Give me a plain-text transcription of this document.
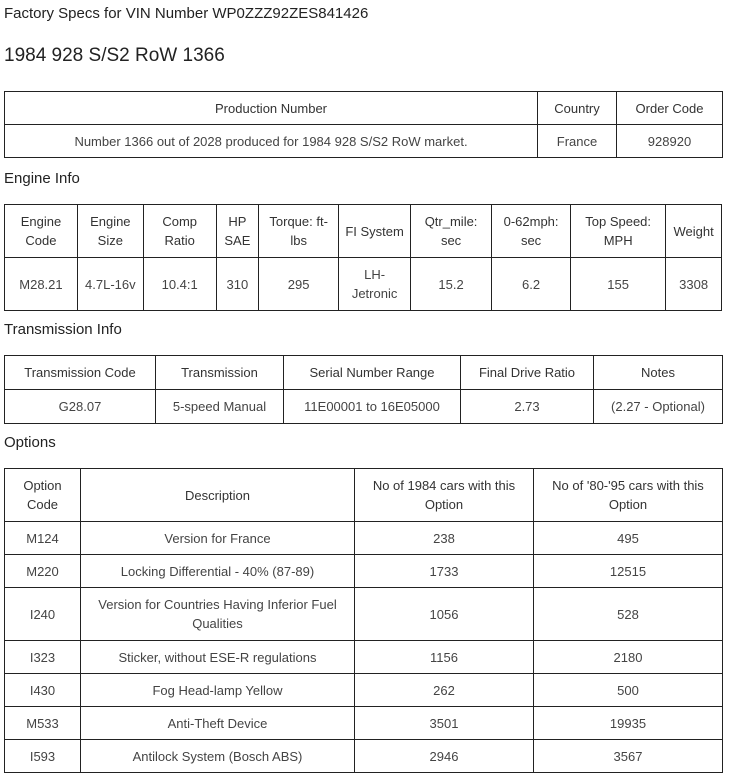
Factory Specs for VIN Number WP0ZZZ92ZES841426
1984 928 S/S2 RoW 1366
Production Number	Country	Order Code
Number 1366 out of 2028 produced for 1984 928 S/S2 RoW market.	France	928920
Engine Info
Engine Code	Engine Size	Comp Ratio	HP SAE	Torque: ft-lbs	FI System	Qtr_mile: sec	0-62mph: sec	Top Speed: MPH	Weight
M28.21	4.7L-16v	10.4:1	310	295	LH-Jetronic	15.2	6.2	155	3308
Transmission Info
Transmission Code	Transmission	Serial Number Range	Final Drive Ratio	Notes
G28.07	5-speed Manual	11E00001 to 16E05000	2.73	(2.27 - Optional)
Options
Option Code	Description	No of 1984 cars with this Option	No of '80-'95 cars with this Option
M124	Version for France	238	495
M220	Locking Differential - 40% (87-89)	1733	12515
I240	Version for Countries Having Inferior Fuel Qualities	1056	528
I323	Sticker, without ESE-R regulations	1156	2180
I430	Fog Head-lamp Yellow	262	500
M533	Anti-Theft Device	3501	19935
I593	Antilock System (Bosch ABS)	2946	3567
